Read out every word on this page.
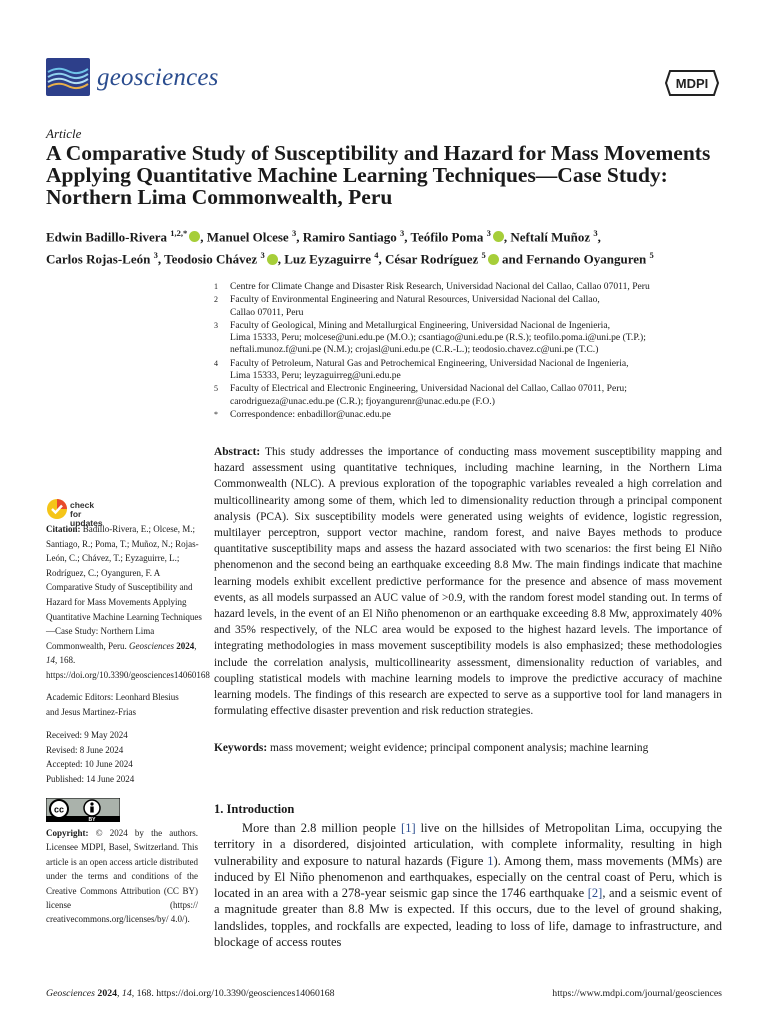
geosciences	MDPI
Article
A Comparative Study of Susceptibility and Hazard for Mass Movements Applying Quantitative Machine Learning Techniques—Case Study: Northern Lima Commonwealth, Peru
Edwin Badillo-Rivera $^{1,2,*}$ , Manuel Olcese $^3$, Ramiro Santiago $^3$, Teófilo Poma $^3$ , Neftalí Muñoz $^3$,
Carlos Rojas-León $^3$, Teodosio Chávez $^3$ , Luz Eyzaguirre $^4$, César Rodríguez $^5$ and Fernando Oyanguren $^5$
1	Centre for Climate Change and Disaster Risk Research, Universidad Nacional del Callao, Callao 07011, Peru
2	Faculty of Environmental Engineering and Natural Resources, Universidad Nacional del Callao,
Callao 07011, Peru
3	Faculty of Geological, Mining and Metallurgical Engineering, Universidad Nacional de Ingenieria,
Lima 15333, Peru; molcese@uni.edu.pe (M.O.); csantiago@uni.edu.pe (R.S.); teofilo.poma.i@uni.pe (T.P.);
neftali.munoz.f@uni.pe (N.M.); crojasl@uni.edu.pe (C.R.-L.); teodosio.chavez.c@uni.pe (T.C.)
4	Faculty of Petroleum, Natural Gas and Petrochemical Engineering, Universidad Nacional de Ingenieria,
Lima 15333, Peru; leyzaguirreg@uni.edu.pe
5	Faculty of Electrical and Electronic Engineering, Universidad Nacional del Callao, Callao 07011, Peru;
carodrigueza@unac.edu.pe (C.R.); fjoyangurenr@unac.edu.pe (F.O.)
*	Correspondence: enbadillor@unac.edu.pe
Abstract: This study addresses the importance of conducting mass movement susceptibility mapping and hazard assessment using quantitative techniques, including machine learning, in the Northern Lima Commonwealth (NLC). A previous exploration of the topographic variables revealed a high correlation and multicollinearity among some of them, which led to dimensionality reduction through a principal component analysis (PCA). Six susceptibility models were generated using weights of evidence, logistic regression, multilayer perceptron, support vector machine, random forest, and naive Bayes methods to produce quantitative susceptibility maps and assess the hazard associated with two scenarios: the first being El Niño phenomenon and the second being an earthquake exceeding 8.8 Mw. The main findings indicate that machine learning models exhibit excellent predictive performance for the presence and absence of mass movement events, as all models surpassed an AUC value of >0.9, with the random forest model standing out. In terms of hazard levels, in the event of an El Niño phenomenon or an earthquake exceeding 8.8 Mw, approximately 40% and 35% respectively, of the NLC area would be exposed to the highest hazard levels. The importance of integrating methodologies in mass movement susceptibility models is also emphasized; these methodologies include the correlation analysis, multicollinearity assessment, dimensionality reduction of variables, and coupling statistical models with machine learning models to improve the predictive accuracy of machine learning models. The findings of this research are expected to serve as a supportive tool for land managers in formulating effective disaster prevention and risk reduction strategies.
Keywords: mass movement; weight evidence; principal component analysis; machine learning
check for
updates
Citation: Badillo-Rivera, E.; Olcese, M.; Santiago, R.; Poma, T.; Muñoz, N.; Rojas-León, C.; Chávez, T.; Eyzaguirre, L.; Rodríguez, C.; Oyanguren, F. A Comparative Study of Susceptibility and Hazard for Mass Movements Applying Quantitative Machine Learning Techniques—Case Study: Northern Lima Commonwealth, Peru. Geosciences 2024, 14, 168. https://doi.org/10.3390/geosciences14060168
Academic Editors: Leonhard Blesius
and Jesus Martinez-Frias
Received: 9 May 2024
Revised: 8 June 2024
Accepted: 10 June 2024
Published: 14 June 2024
cc
BY
Copyright: © 2024 by the authors. Licensee MDPI, Basel, Switzerland. This article is an open access article distributed under the terms and conditions of the Creative Commons Attribution (CC BY) license (https:// creativecommons.org/licenses/by/ 4.0/).
1. Introduction
More than 2.8 million people [1] live on the hillsides of Metropolitan Lima, occupying the territory in a disordered, disjointed articulation, with complete informality, resulting in high vulnerability and exposure to natural hazards (Figure 1). Among them, mass movements (MMs) are induced by El Niño phenomenon and earthquakes, especially on the central coast of Peru, which is located in an area with a 278-year seismic gap since the 1746 earthquake [2], and a seismic event of a magnitude greater than 8.8 Mw is expected. If this occurs, due to the level of ground shaking, landslides, topples, and rockfalls are expected, leading to loss of life, damage to infrastructure, and blockage of access routes
Geosciences 2024, 14, 168. https://doi.org/10.3390/geosciences14060168	https://www.mdpi.com/journal/geosciences
